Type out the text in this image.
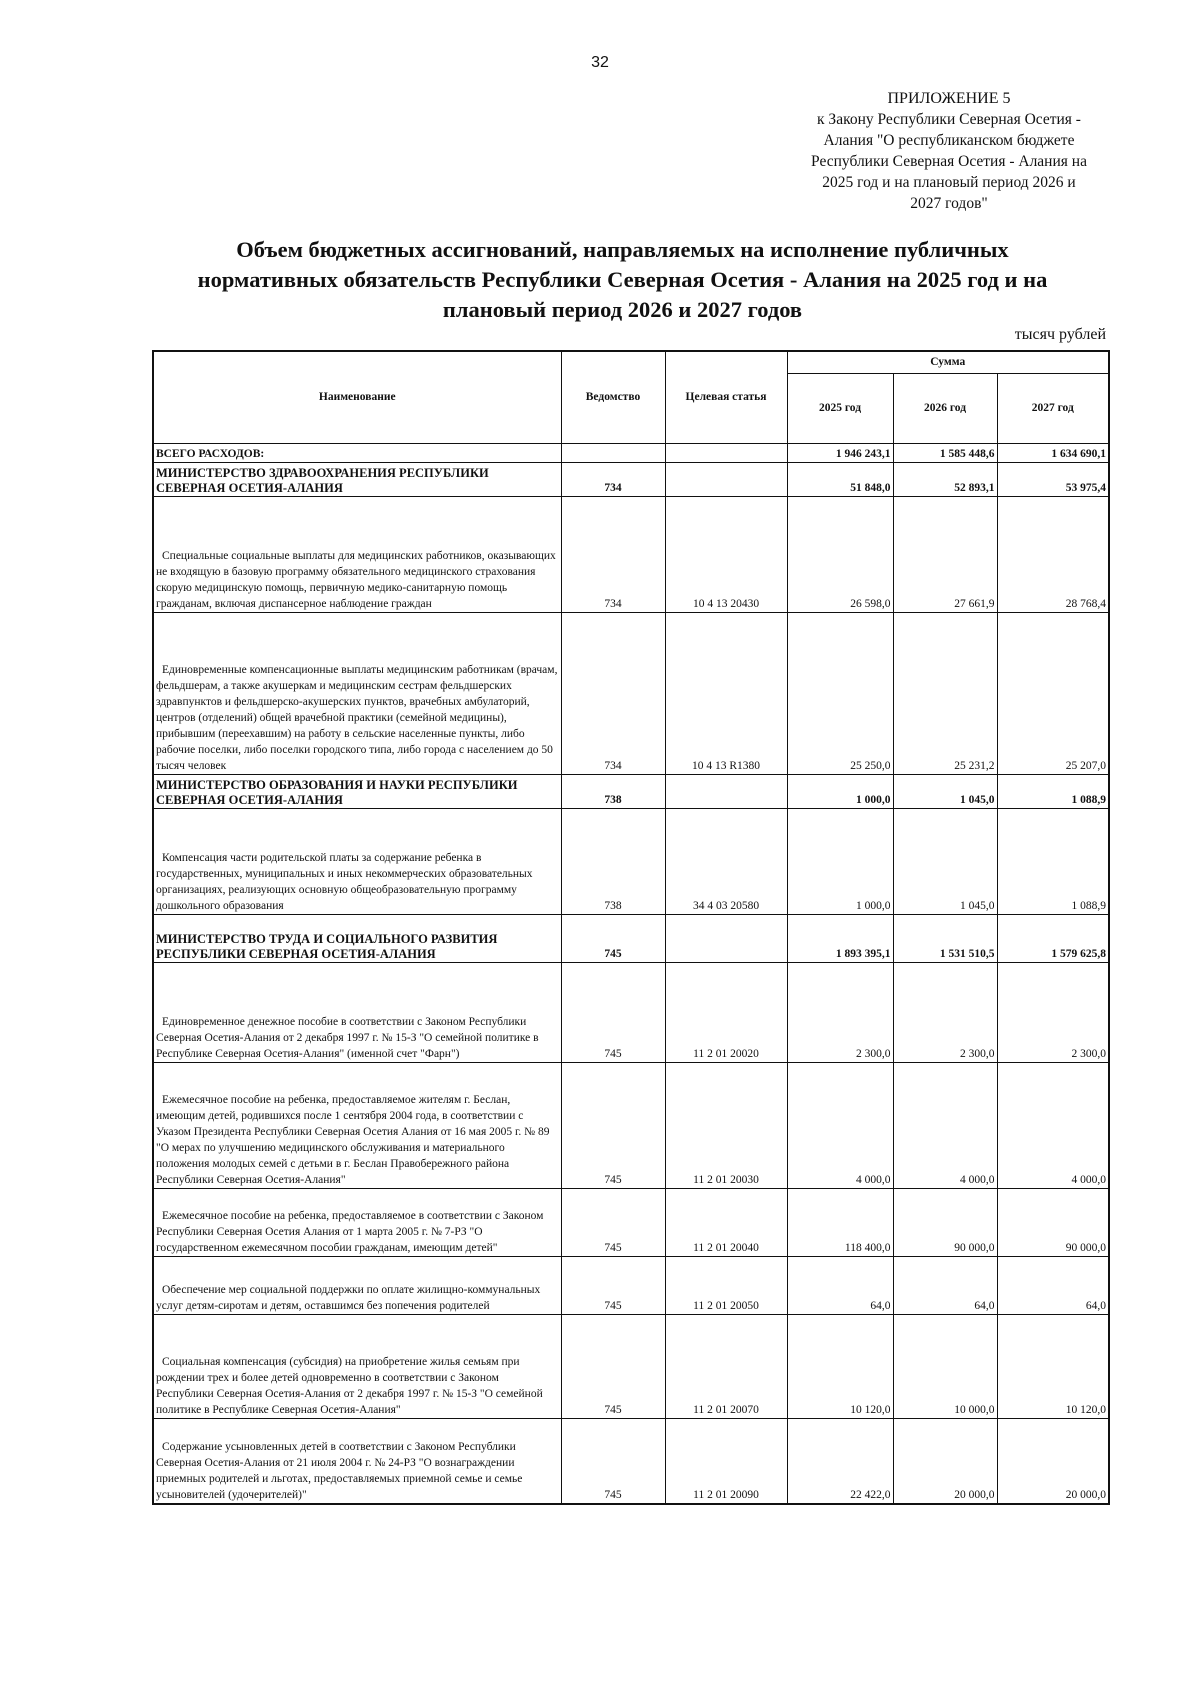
32
ПРИЛОЖЕНИЕ 5
к Закону Республики Северная Осетия -
Алания "О республиканском бюджете
Республики Северная Осетия - Алания на
2025 год и на плановый период 2026 и
2027 годов"
Объем бюджетных ассигнований, направляемых на исполнение публичных
нормативных обязательств Республики Северная Осетия - Алания на 2025 год и на
плановый период 2026 и 2027 годов
тысяч рублей
Наименование	Ведомство	Целевая статья	Сумма		
			2025 год	2026 год	2027 год
ВСЕГО РАСХОДОВ:			1 946 243,1	1 585 448,6	1 634 690,1
МИНИСТЕРСТВО ЗДРАВООХРАНЕНИЯ РЕСПУБЛИКИ СЕВЕРНАЯ ОСЕТИЯ-АЛАНИЯ	734		51 848,0	52 893,1	53 975,4

Специальные социальные выплаты для медицинских работников, оказывающих не входящую в базовую программу обязательного медицинского страхования скорую медицинскую помощь, первичную медико-санитарную помощь гражданам, включая диспансерное наблюдение граждан	734	10 4 13 20430	26 598,0	27 661,9	28 768,4

Единовременные компенсационные выплаты медицинским работникам (врачам, фельдшерам, а также акушеркам и медицинским сестрам фельдшерских здравпунктов и фельдшерско-акушерских пунктов, врачебных амбулаторий, центров (отделений) общей врачебной практики (семейной медицины), прибывшим (переехавшим) на работу в сельские населенные пункты, либо рабочие поселки, либо поселки городского типа, либо города с населением до 50 тысяч человек	734	10 4 13 R1380	25 250,0	25 231,2	25 207,0
МИНИСТЕРСТВО ОБРАЗОВАНИЯ И НАУКИ РЕСПУБЛИКИ СЕВЕРНАЯ ОСЕТИЯ-АЛАНИЯ	738		1 000,0	1 045,0	1 088,9

Компенсация части родительской платы за содержание ребенка в государственных, муниципальных и иных некоммерческих образовательных организациях, реализующих основную общеобразовательную программу дошкольного образования	738	34 4 03 20580	1 000,0	1 045,0	1 088,9
МИНИСТЕРСТВО ТРУДА И СОЦИАЛЬНОГО РАЗВИТИЯ РЕСПУБЛИКИ СЕВЕРНАЯ ОСЕТИЯ-АЛАНИЯ	745		1 893 395,1	1 531 510,5	1 579 625,8

Единовременное денежное пособие в соответствии с Законом Республики Северная Осетия-Алания от 2 декабря 1997 г. № 15-З "О семейной политике в Республике Северная Осетия-Алания" (именной счет "Фарн")	745	11 2 01 20020	2 300,0	2 300,0	2 300,0

Ежемесячное пособие на ребенка, предоставляемое жителям г. Беслан, имеющим детей, родившихся после 1 сентября 2004 года, в соответствии с Указом Президента Республики Северная Осетия Алания от 16 мая 2005 г. № 89 "О мерах по улучшению медицинского обслуживания и материального положения молодых семей с детьми в г. Беслан Правобережного района Республики Северная Осетия-Алания"	745	11 2 01 20030	4 000,0	4 000,0	4 000,0

Ежемесячное пособие на ребенка, предоставляемое в соответствии с Законом Республики Северная Осетия Алания от 1 марта 2005 г. № 7-РЗ "О государственном ежемесячном пособии гражданам, имеющим детей"	745	11 2 01 20040	118 400,0	90 000,0	90 000,0

Обеспечение мер социальной поддержки по оплате жилищно-коммунальных услуг детям-сиротам и детям, оставшимся без попечения родителей	745	11 2 01 20050	64,0	64,0	64,0

Социальная компенсация (субсидия) на приобретение жилья семьям при рождении трех и более детей одновременно в соответствии с Законом Республики Северная Осетия-Алания от 2 декабря 1997 г. № 15-З "О семейной политике в Республике Северная Осетия-Алания"	745	11 2 01 20070	10 120,0	10 000,0	10 120,0

Содержание усыновленных детей в соответствии с Законом Республики Северная Осетия-Алания от 21 июля 2004 г. № 24-РЗ "О вознаграждении приемных родителей и льготах, предоставляемых приемной семье и семье усыновителей (удочерителей)"	745	11 2 01 20090	22 422,0	20 000,0	20 000,0
